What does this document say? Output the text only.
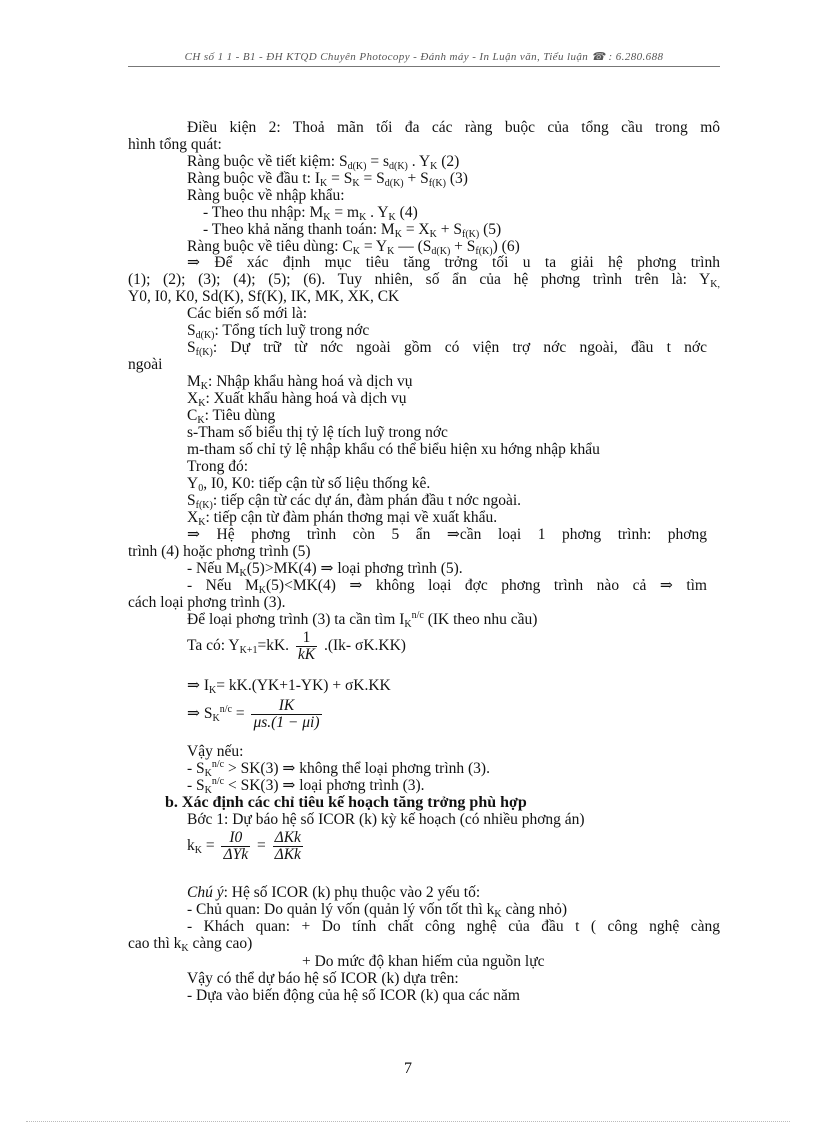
CH số 1 1 - B1 - ĐH KTQD Chuyên Photocopy - Đánh máy - In Luận văn, Tiểu luận ☎ : 6.280.688
Điều kiện 2: Thoả mãn tối đa các ràng buộc của tổng cầu trong mô
hình tổng quát:
Ràng buộc về tiết kiệm: $S_{d(K)} = s_{d(K)}$ . $Y_K$ (2)
Ràng buộc về đầu t: $I_K = S_K = S_{d(K)} + S_{f(K)}$ (3)
Ràng buộc về nhập khẩu:
- Theo thu nhập: $M_K = m_K$ . $Y_K$ (4)
- Theo khả năng thanh toán: $M_K = X_K + S_{f(K)}$ (5)
Ràng buộc về tiêu dùng: $C_K = Y_K$ — $(S_{d(K)} + S_{f(K)})$ (6)
⇒ Để xác định mục tiêu tăng trởng tối u ta giải hệ phơng trình
(1); (2); (3); (4); (5); (6). Tuy nhiên, số ẩn của hệ phơng trình trên là: $Y_{K,}$
Y0, I0, K0, Sd(K), Sf(K), IK, MK, XK, CK
Các biến số mới là:
$S_{d(K)}$: Tổng tích luỹ trong nớc
$S_{f(K)}$: Dự trữ từ nớc ngoài gồm có viện trợ nớc ngoài, đầu t nớc
ngoài
$M_K$: Nhập khẩu hàng hoá và dịch vụ
$X_K$: Xuất khẩu hàng hoá và dịch vụ
$C_K$: Tiêu dùng
s-Tham số biểu thị tỷ lệ tích luỹ trong nớc
m-tham số chỉ tỷ lệ nhập khẩu có thể biểu hiện xu hớng nhập khẩu
Trong đó:
$Y_0$, I0, K0: tiếp cận từ số liệu thống kê.
$S_{f(K)}$: tiếp cận từ các dự án, đàm phán đầu t nớc ngoài.
$X_K$: tiếp cận từ đàm phán thơng mại về xuất khẩu.
⇒ Hệ phơng trình còn 5 ẩn ⇒cần loại 1 phơng trình: phơng
trình (4) hoặc phơng trình (5)
- Nếu $M_K(5)>MK(4)$ ⇒ loại phơng trình (5).
- Nếu $M_K(5)<MK(4)$ ⇒ không loại đợc phơng trình nào cả ⇒ tìm
cách loại phơng trình (3).
Để loại phơng trình (3) ta cần tìm $I_K^{n/c}$ (IK theo nhu cầu)
Ta có: $Y_{K+1}=kK$. $\frac{1}{kK} .(Ik-$ σK.KK)
⇒ $I_K= kK.(YK+1-YK) + \sigma K.KK$
⇒ $S_K^{n/c} = \frac{IK}{\mu s.(1 - \mu i)}$
Vậy nếu:
- $S_K^{n/c} > SK(3)$ ⇒ không thể loại phơng trình (3).
- $S_K^{n/c} < SK(3)$ ⇒ loại phơng trình (3).
b. Xác định các chỉ tiêu kế hoạch tăng trởng phù hợp
Bớc 1: Dự báo hệ số ICOR (k) kỳ kế hoạch (có nhiều phơng án)
$k_K = \frac{I0}{\text{ΔYk}} = \frac{\text{ΔKk}}{\text{ΔKk}}$
Chú ý: Hệ số ICOR (k) phụ thuộc vào 2 yếu tố:
- Chủ quan: Do quản lý vốn (quản lý vốn tốt thì $k_K$ càng nhỏ)
- Khách quan: + Do tính chất công nghệ của đầu t ( công nghệ càng
cao thì $k_K$ càng cao)
+ Do mức độ khan hiếm của nguồn lực
Vậy có thể dự báo hệ số ICOR (k) dựa trên:
- Dựa vào biến động của hệ số ICOR (k) qua các năm
7
